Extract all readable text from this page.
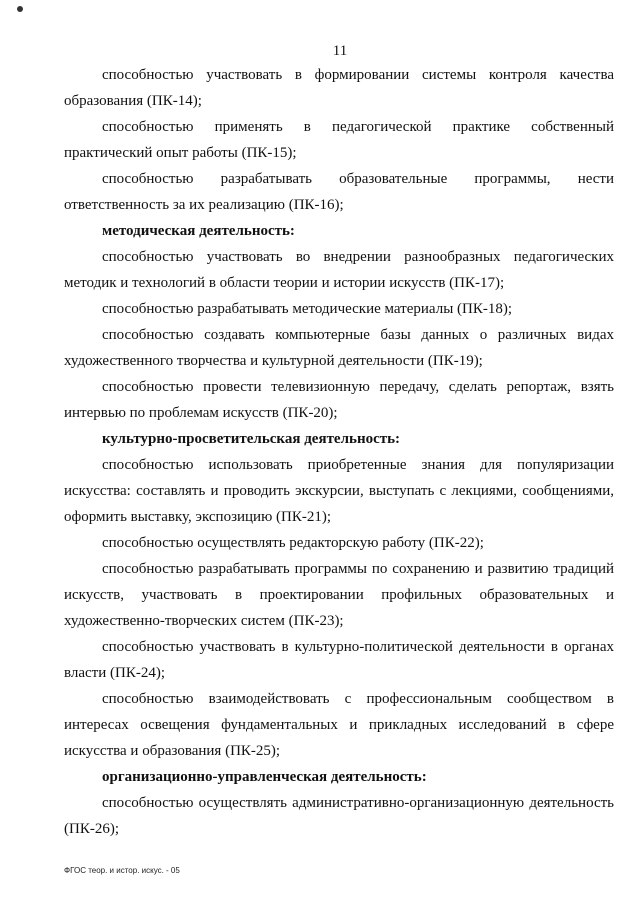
11

способностью участвовать в формировании системы контроля качества образования (ПК-14);

способностью применять в педагогической практике собственный практический опыт работы (ПК-15);

способностью разрабатывать образовательные программы, нести ответственность за их реализацию (ПК-16);

методическая деятельность:

способностью участвовать во внедрении разнообразных педагогических методик и технологий в области теории и истории искусств (ПК-17);

способностью разрабатывать методические материалы (ПК-18);

способностью создавать компьютерные базы данных о различных видах художественного творчества и культурной деятельности (ПК-19);

способностью провести телевизионную передачу, сделать репортаж, взять интервью по проблемам искусств (ПК-20);

культурно-просветительская деятельность:

способностью использовать приобретенные знания для популяризации искусства: составлять и проводить экскурсии, выступать с лекциями, сообщениями, оформить выставку, экспозицию (ПК-21);

способностью осуществлять редакторскую работу (ПК-22);

способностью разрабатывать программы по сохранению и развитию традиций искусств, участвовать в проектировании профильных образовательных и художественно-творческих систем (ПК-23);

способностью участвовать в культурно-политической деятельности в органах власти (ПК-24);

способностью взаимодействовать с профессиональным сообществом в интересах освещения фундаментальных и прикладных исследований в сфере искусства и образования (ПК-25);

организационно-управленческая деятельность:

способностью осуществлять административно-организационную деятельность (ПК-26);

ФГОС теор. и истор. искус. - 05
